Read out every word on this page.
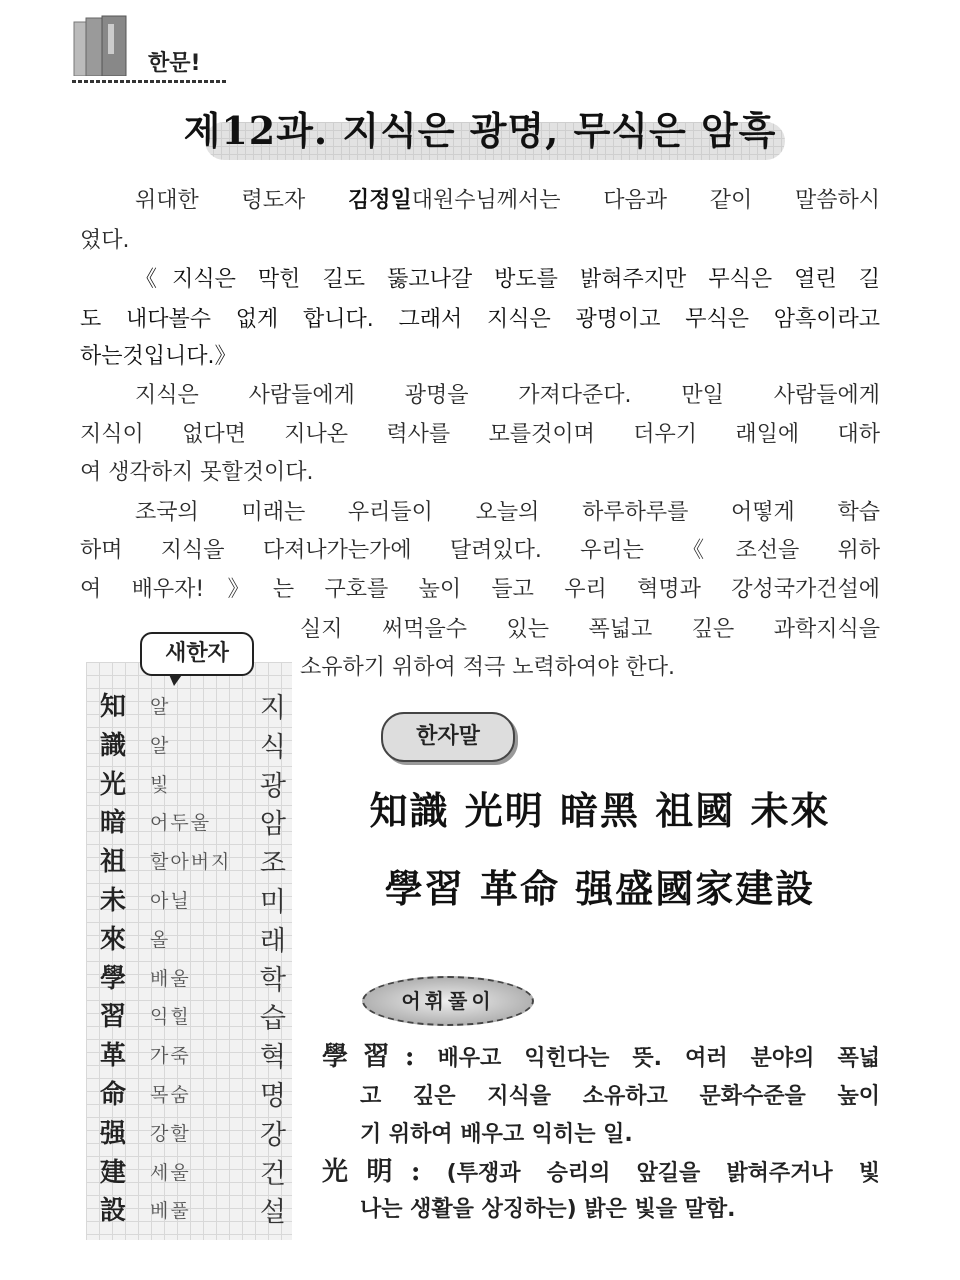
한문!
제12과. 지식은 광명, 무식은 암흑
위대한 령도자 김정일대원수님께서는 다음과 같이 말씀하시
였다.
《지식은 막힌 길도 뚫고나갈 방도를 밝혀주지만 무식은 열린 길
도 내다볼수 없게 합니다. 그래서 지식은 광명이고 무식은 암흑이라고
하는것입니다.》
지식은 사람들에게 광명을 가져다준다. 만일 사람들에게
지식이 없다면 지나온 력사를 모를것이며 더우기 래일에 대하
여 생각하지 못할것이다.
조국의 미래는 우리들이 오늘의 하루하루를 어떻게 학습
하며 지식을 다져나가는가에 달려있다. 우리는 《조선을 위하
여 배우자!》는 구호를 높이 들고 우리 혁명과 강성국가건설에
실지 써먹을수 있는 폭넓고 깊은 과학지식을
소유하기 위하여 적극 노력하여야 한다.
새한자
知 알	지
識 알	식
光 빛	광
暗 어두울 암
祖 할아버지 조
未 아닐	미
來 올	래
學 배울	학
習 익힐	습
革 가죽	혁
命 목숨	명
强 강할	강
建 세울	건
設 베풀	설
한자말
知識 光明 暗黑 祖國 未來
學習 革命 强盛國家建設
어휘풀이
學習: 배우고 익힌다는 뜻. 여러 분야의 폭넓
고 깊은 지식을 소유하고 문화수준을 높이
기 위하여 배우고 익히는 일.
光明: (투쟁과 승리의 앞길을 밝혀주거나 빛
나는 생활을 상징하는) 밝은 빛을 말함.
